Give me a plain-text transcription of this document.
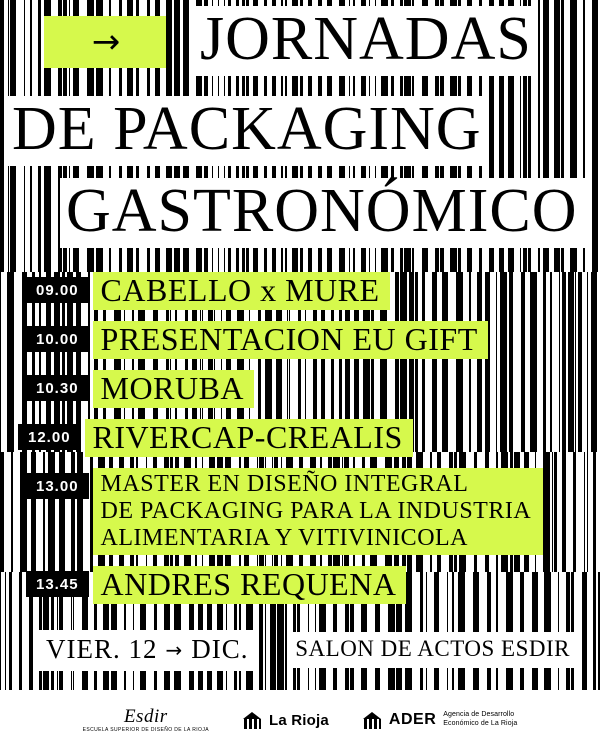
→ JORNADAS
DE PACKAGING
GASTRONÓMICO
09.00 CABELLO x MURE
10.00 PRESENTACION EU GIFT
10.30 MORUBA
12.00 RIVERCAP-CREALIS
13.00 MASTER EN DISEÑO INTEGRAL
DE PACKAGING PARA LA INDUSTRIA
ALIMENTARIA Y VITIVINICOLA
13.45 ANDRES REQUENA
VIER. 12 → DIC.	SALON DE ACTOS ESDIR
Esdir
ESCUELA SUPERIOR DE DISEÑO DE LA RIOJA
La Rioja	ADER Agencia de Desarrollo
Económico de La Rioja
